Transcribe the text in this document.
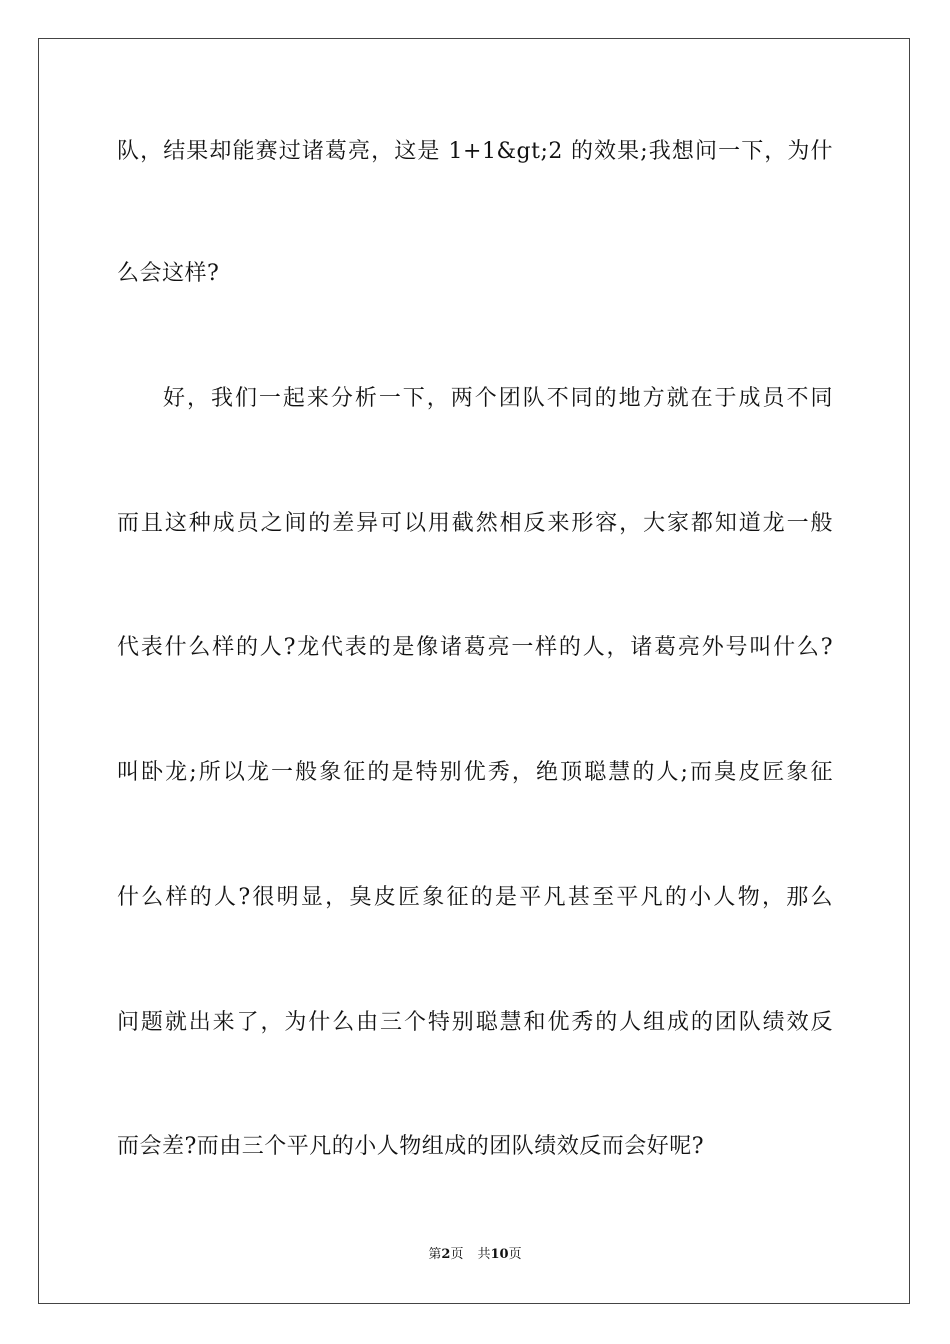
队，结果却能赛过诸葛亮，这是 1+1&gt;2 的效果;我想问一下，为什
么会这样?
好，我们一起来分析一下，两个团队不同的地方就在于成员不同
而且这种成员之间的差异可以用截然相反来形容，大家都知道龙一般
代表什么样的人?龙代表的是像诸葛亮一样的人，诸葛亮外号叫什么?
叫卧龙;所以龙一般象征的是特别优秀，绝顶聪慧的人;而臭皮匠象征
什么样的人?很明显，臭皮匠象征的是平凡甚至平凡的小人物，那么
问题就出来了，为什么由三个特别聪慧和优秀的人组成的团队绩效反
而会差?而由三个平凡的小人物组成的团队绩效反而会好呢?
第2页 共10页
